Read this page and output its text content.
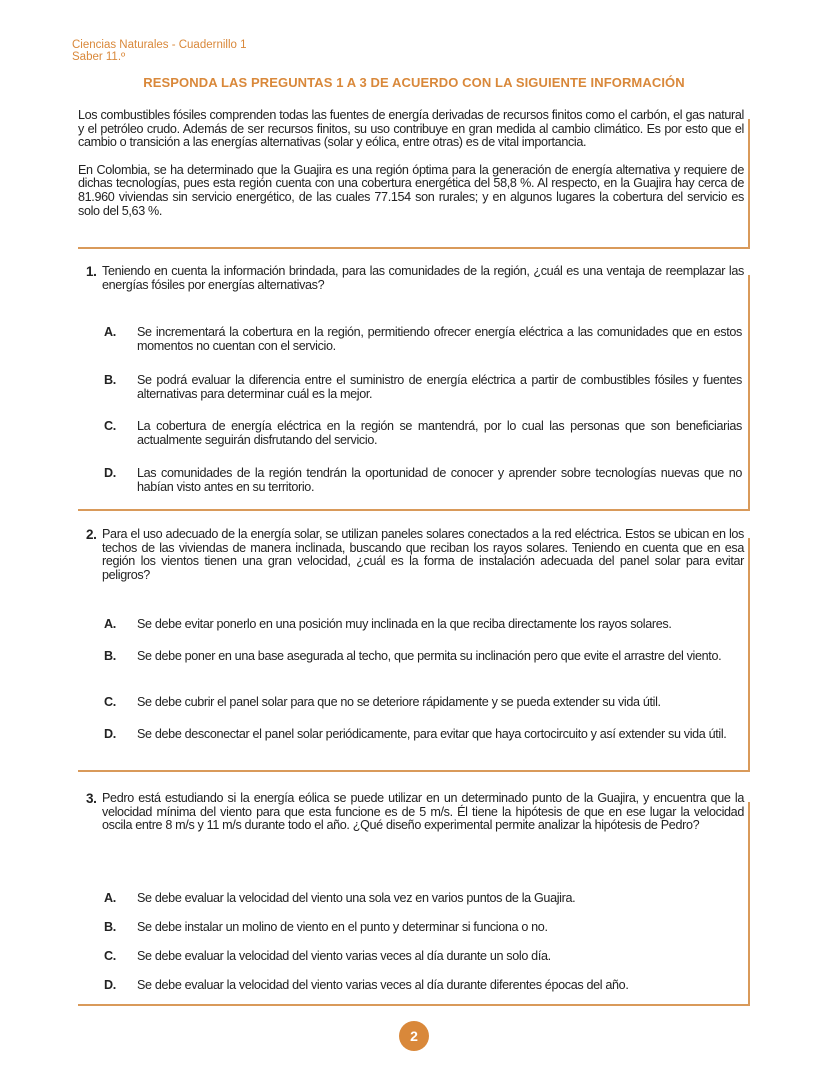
Ciencias Naturales - Cuadernillo 1
Saber 11.º
RESPONDA LAS PREGUNTAS 1 A 3 DE ACUERDO CON LA SIGUIENTE INFORMACIÓN

Los combustibles fósiles comprenden todas las fuentes de energía derivadas de recursos finitos como el carbón, el gas natural y el petróleo crudo. Además de ser recursos finitos, su uso contribuye en gran medida al cambio climático. Es por esto que el cambio o transición a las energías alternativas (solar y eólica, entre otras) es de vital importancia.

En Colombia, se ha determinado que la Guajira es una región óptima para la generación de energía alternativa y requiere de dichas tecnologías, pues esta región cuenta con una cobertura energética del 58,8 %. Al respecto, en la Guajira hay cerca de 81.960 viviendas sin servicio energético, de las cuales 77.154 son rurales; y en algunos lugares la cobertura del servicio es solo del 5,63 %.

1. Teniendo en cuenta la información brindada, para las comunidades de la región, ¿cuál es una ventaja de reemplazar las energías fósiles por energías alternativas?
A. Se incrementará la cobertura en la región, permitiendo ofrecer energía eléctrica a las comunidades que en estos momentos no cuentan con el servicio.
B. Se podrá evaluar la diferencia entre el suministro de energía eléctrica a partir de combustibles fósiles y fuentes alternativas para determinar cuál es la mejor.
C. La cobertura de energía eléctrica en la región se mantendrá, por lo cual las personas que son beneficiarias actualmente seguirán disfrutando del servicio.
D. Las comunidades de la región tendrán la oportunidad de conocer y aprender sobre tecnologías nuevas que no habían visto antes en su territorio.
2. Para el uso adecuado de la energía solar, se utilizan paneles solares conectados a la red eléctrica. Estos se ubican en los techos de las viviendas de manera inclinada, buscando que reciban los rayos solares. Teniendo en cuenta que en esa región los vientos tienen una gran velocidad, ¿cuál es la forma de instalación adecuada del panel solar para evitar peligros?
A. Se debe evitar ponerlo en una posición muy inclinada en la que reciba directamente los rayos solares.
B. Se debe poner en una base asegurada al techo, que permita su inclinación pero que evite el arrastre del viento.
C. Se debe cubrir el panel solar para que no se deteriore rápidamente y se pueda extender su vida útil.
D. Se debe desconectar el panel solar periódicamente, para evitar que haya cortocircuito y así extender su vida útil.
3. Pedro está estudiando si la energía eólica se puede utilizar en un determinado punto de la Guajira, y encuentra que la velocidad mínima del viento para que esta funcione es de 5 m/s. Él tiene la hipótesis de que en ese lugar la velocidad oscila entre 8 m/s y 11 m/s durante todo el año. ¿Qué diseño experimental permite analizar la hipótesis de Pedro?
A. Se debe evaluar la velocidad del viento una sola vez en varios puntos de la Guajira.
B. Se debe instalar un molino de viento en el punto y determinar si funciona o no.
C. Se debe evaluar la velocidad del viento varias veces al día durante un solo día.
D. Se debe evaluar la velocidad del viento varias veces al día durante diferentes épocas del año.
2
